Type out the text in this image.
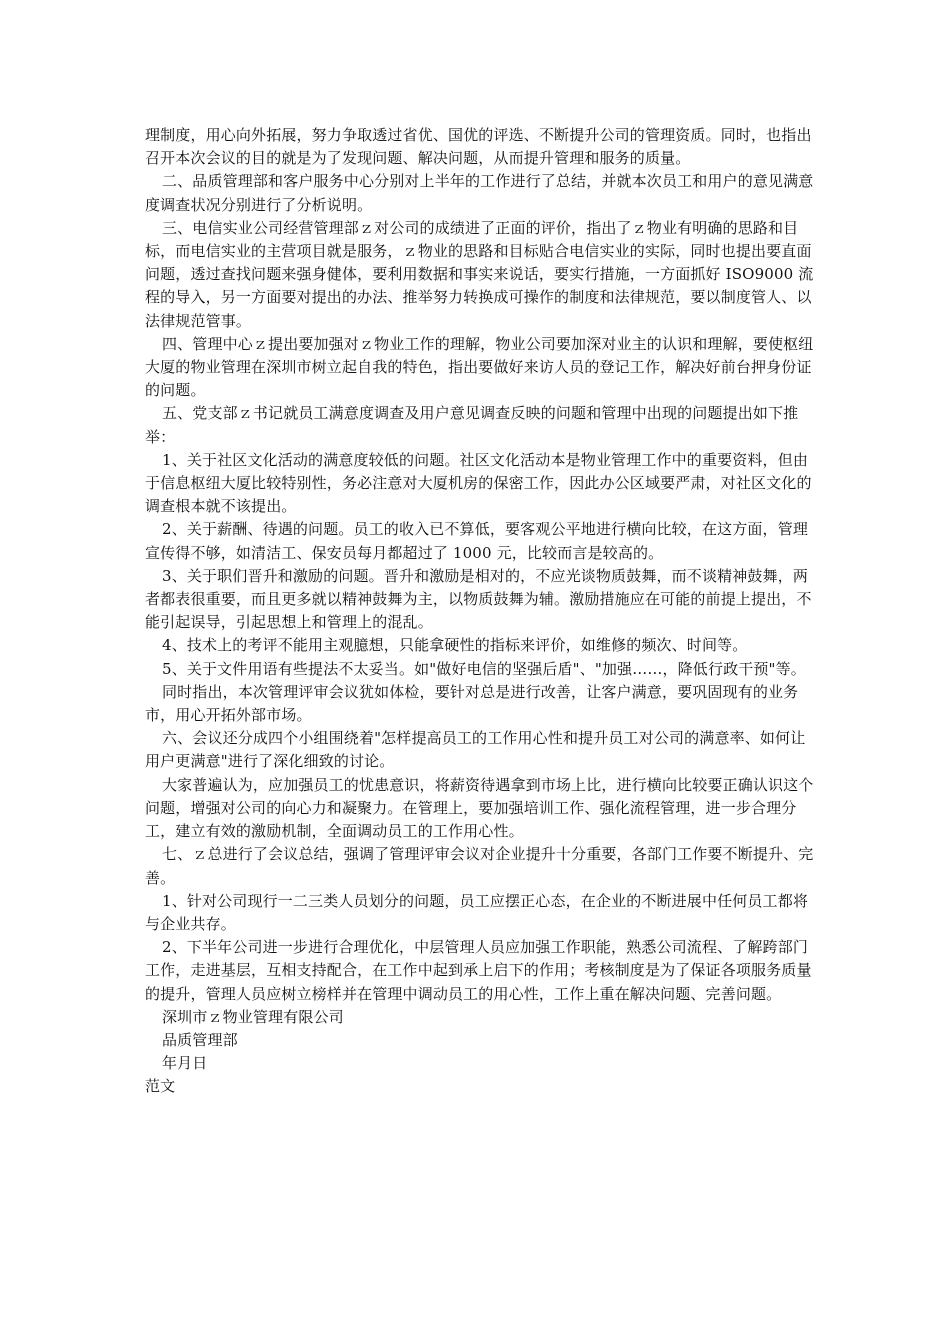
理制度，用心向外拓展，努力争取透过省优、国优的评选、不断提升公司的管理资质。同时，也指出召开本次会议的目的就是为了发现问题、解决问题，从而提升管理和服务的质量。

二、品质管理部和客户服务中心分别对上半年的工作进行了总结，并就本次员工和用户的意见满意度调查状况分别进行了分析说明。

三、电信实业公司经营管理部ｚ对公司的成绩进了正面的评价，指出了ｚ物业有明确的思路和目标，而电信实业的主营项目就是服务，ｚ物业的思路和目标贴合电信实业的实际，同时也提出要直面问题，透过查找问题来强身健体，要利用数据和事实来说话，要实行措施，一方面抓好 ISO9000 流程的导入，另一方面要对提出的办法、推举努力转换成可操作的制度和法律规范，要以制度管人、以法律规范管事。

四、管理中心ｚ提出要加强对ｚ物业工作的理解，物业公司要加深对业主的认识和理解，要使枢纽大厦的物业管理在深圳市树立起自我的特色，指出要做好来访人员的登记工作，解决好前台押身份证的问题。

五、党支部ｚ书记就员工满意度调查及用户意见调查反映的问题和管理中出现的问题提出如下推举：

1、关于社区文化活动的满意度较低的问题。社区文化活动本是物业管理工作中的重要资料，但由于信息枢纽大厦比较特别性，务必注意对大厦机房的保密工作，因此办公区域要严肃，对社区文化的调查根本就不该提出。

2、关于薪酬、待遇的问题。员工的收入已不算低，要客观公平地进行横向比较，在这方面，管理宣传得不够，如清洁工、保安员每月都超过了 1000 元，比较而言是较高的。

3、关于职们晋升和激励的问题。晋升和激励是相对的，不应光谈物质鼓舞，而不谈精神鼓舞，两者都表很重要，而且更多就以精神鼓舞为主，以物质鼓舞为辅。激励措施应在可能的前提上提出，不能引起误导，引起思想上和管理上的混乱。

4、技术上的考评不能用主观臆想，只能拿硬性的指标来评价，如维修的频次、时间等。

5、关于文件用语有些提法不太妥当。如"做好电信的坚强后盾"、"加强……，降低行政干预"等。

同时指出，本次管理评审会议犹如体检，要针对总是进行改善，让客户满意，要巩固现有的业务市，用心开拓外部市场。

六、会议还分成四个小组围绕着"怎样提高员工的工作用心性和提升员工对公司的满意率、如何让用户更满意"进行了深化细致的讨论。

大家普遍认为，应加强员工的忧患意识，将薪资待遇拿到市场上比，进行横向比较要正确认识这个问题，增强对公司的向心力和凝聚力。在管理上，要加强培训工作、强化流程管理，进一步合理分工，建立有效的激励机制，全面调动员工的工作用心性。

七、ｚ总进行了会议总结，强调了管理评审会议对企业提升十分重要，各部门工作要不断提升、完善。

1、针对公司现行一二三类人员划分的问题，员工应摆正心态，在企业的不断进展中任何员工都将与企业共存。

2、下半年公司进一步进行合理优化，中层管理人员应加强工作职能，熟悉公司流程、了解跨部门工作，走进基层，互相支持配合，在工作中起到承上启下的作用；考核制度是为了保证各项服务质量的提升，管理人员应树立榜样并在管理中调动员工的用心性，工作上重在解决问题、完善问题。

深圳市ｚ物业管理有限公司

品质管理部

年月日

范文
